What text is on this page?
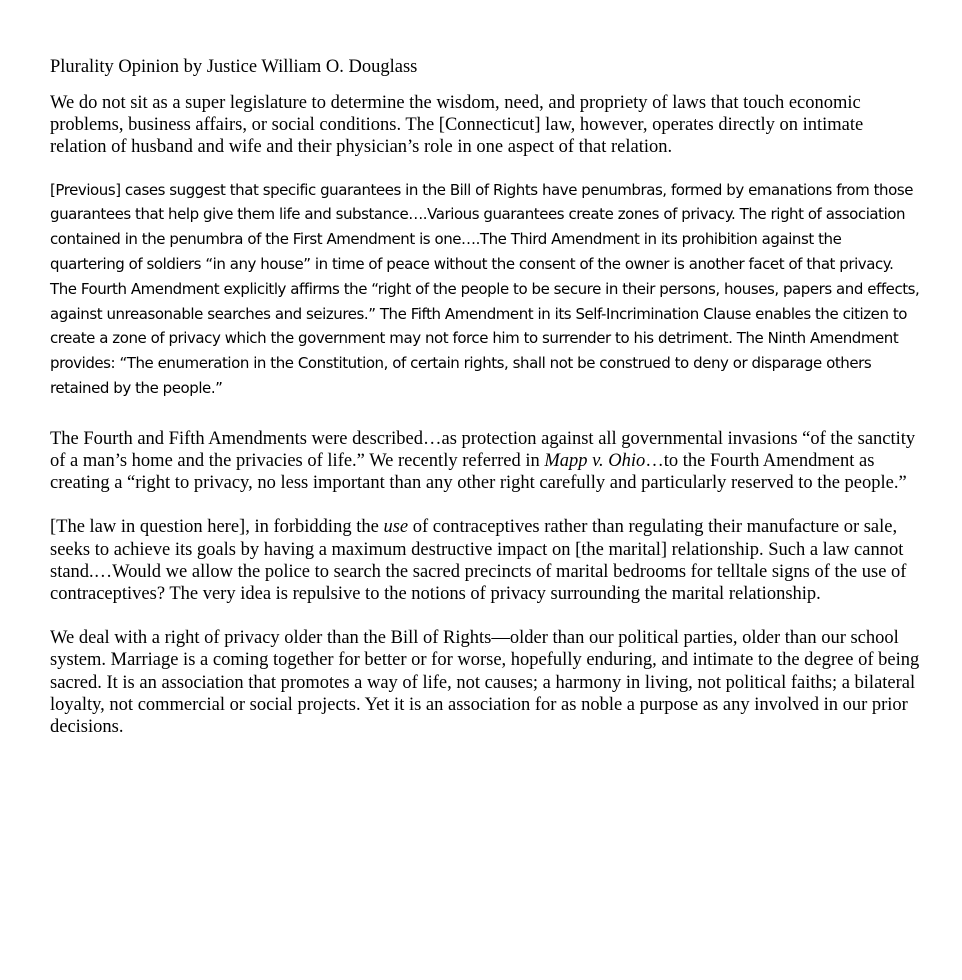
Plurality Opinion by Justice William O. Douglass

We do not sit as a super legislature to determine the wisdom, need, and propriety of laws that touch economic problems, business affairs, or social conditions. The [Connecticut] law, however, operates directly on intimate relation of husband and wife and their physician’s role in one aspect of that relation.

[Previous] cases suggest that specific guarantees in the Bill of Rights have penumbras, formed by emanations from those guarantees that help give them life and substance….Various guarantees create zones of privacy. The right of association contained in the penumbra of the First Amendment is one….The Third Amendment in its prohibition against the quartering of soldiers “in any house” in time of peace without the consent of the owner is another facet of that privacy. The Fourth Amendment explicitly affirms the “right of the people to be secure in their persons, houses, papers and effects, against unreasonable searches and seizures.” The Fifth Amendment in its Self-Incrimination Clause enables the citizen to create a zone of privacy which the government may not force him to surrender to his detriment. The Ninth Amendment provides: “The enumeration in the Constitution, of certain rights, shall not be construed to deny or disparage others retained by the people.”

The Fourth and Fifth Amendments were described…as protection against all governmental invasions “of the sanctity of a man’s home and the privacies of life.” We recently referred in Mapp v. Ohio…to the Fourth Amendment as creating a “right to privacy, no less important than any other right carefully and particularly reserved to the people.”

[The law in question here], in forbidding the use of contraceptives rather than regulating their manufacture or sale, seeks to achieve its goals by having a maximum destructive impact on [the marital] relationship. Such a law cannot stand.…Would we allow the police to search the sacred precincts of marital bedrooms for telltale signs of the use of contraceptives? The very idea is repulsive to the notions of privacy surrounding the marital relationship.

We deal with a right of privacy older than the Bill of Rights—older than our political parties, older than our school system. Marriage is a coming together for better or for worse, hopefully enduring, and intimate to the degree of being sacred. It is an association that promotes a way of life, not causes; a harmony in living, not political faiths; a bilateral loyalty, not commercial or social projects. Yet it is an association for as noble a purpose as any involved in our prior decisions.
